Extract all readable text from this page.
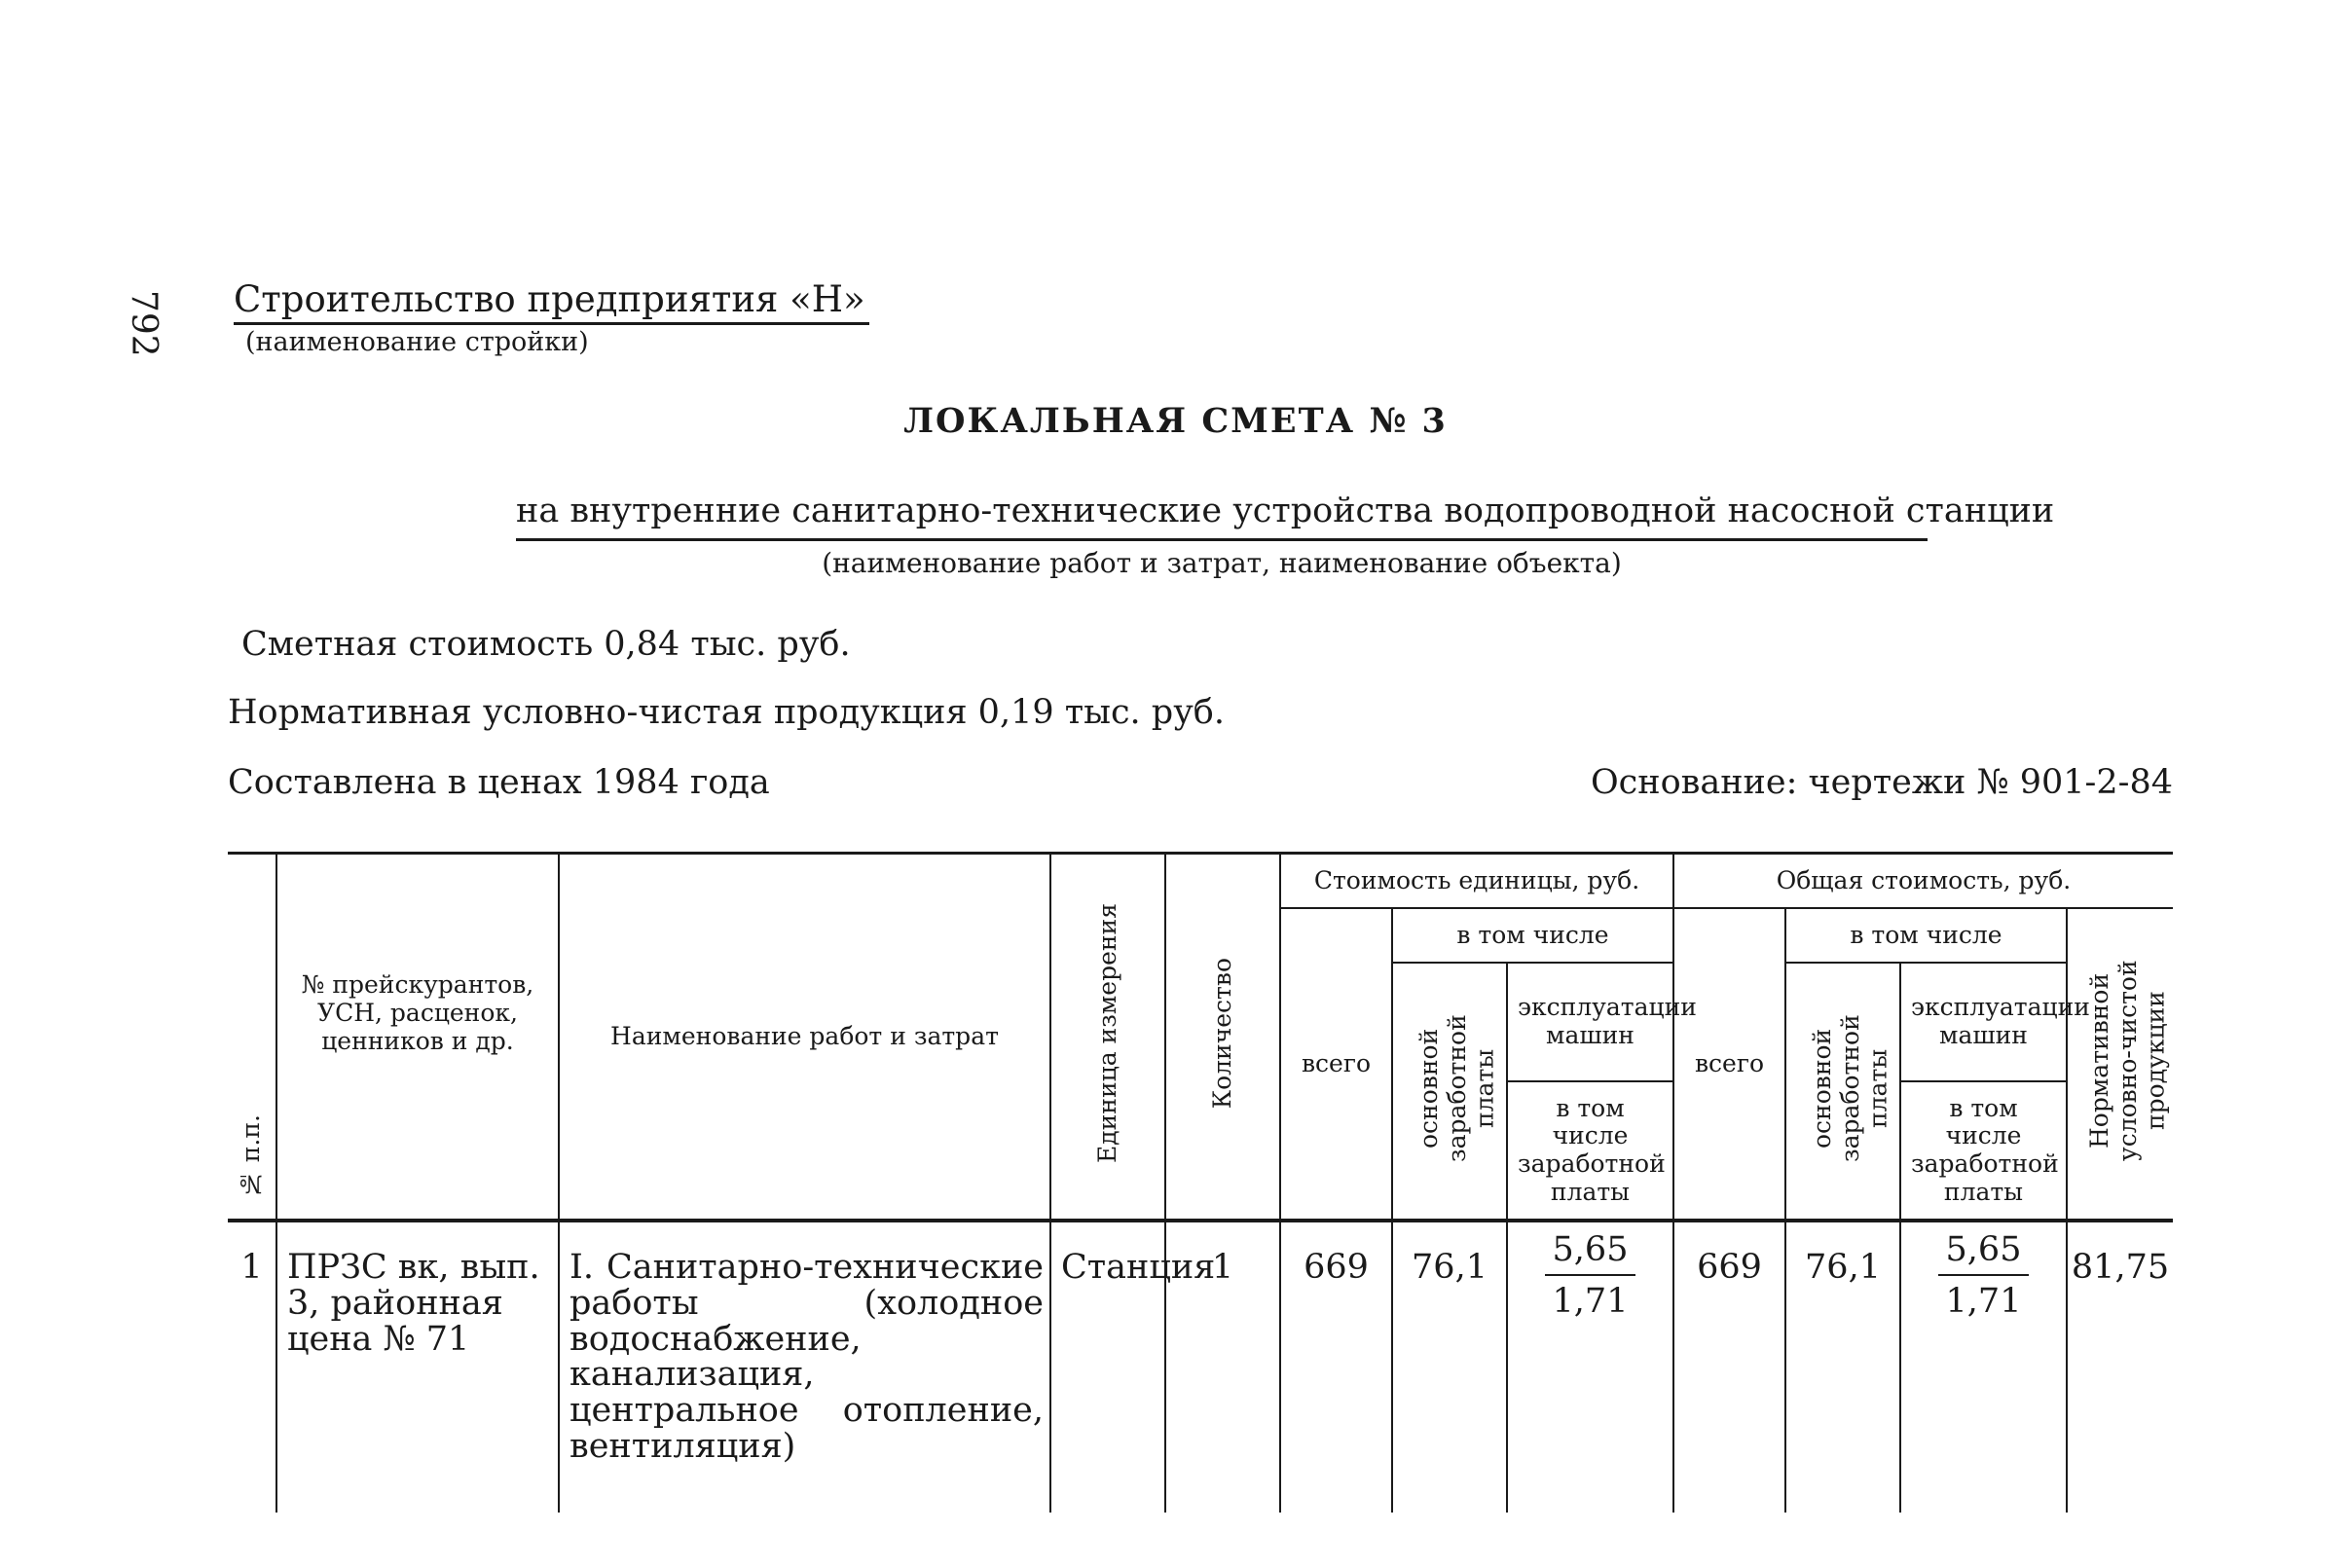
792 Строительство предприятия «Н»
(наименование стройки)
ЛОКАЛЬНАЯ СМЕТА № 3
на внутренние санитарно-технические устройства водопроводной насосной станции
(наименование работ и затрат, наименование объекта)
Сметная стоимость 0,84 тыс. руб.
Нормативная условно-чистая продукция 0,19 тыс. руб.
Составлена в ценах 1984 года	Основание: чертежи № 901-2-84
№ п.п.	№ прейскурантов, УСН, расценок, ценников и др.	Наименование работ и затрат	Единица измерения	Количество	Стоимость единицы, руб.			Общая стоимость, руб.			
					всего	в том числе		всего	в том числе		Нормативной условно-чистой продукции
						основной заработной платы	эксплуатации машин		основной заработной платы	эксплуатации машин	
							в том числе заработной платы			в том числе заработной платы	
1	ПРЗС вк, вып. 3, районная цена № 71	I. Санитарно-технические работы (холодное водоснабжение, канализация, центральное отопление, вентиляция)	Станция	1	669	76,1	$\frac{5,65}{1,71}$	669	76,1	$\frac{5,65}{1,71}$	81,75
